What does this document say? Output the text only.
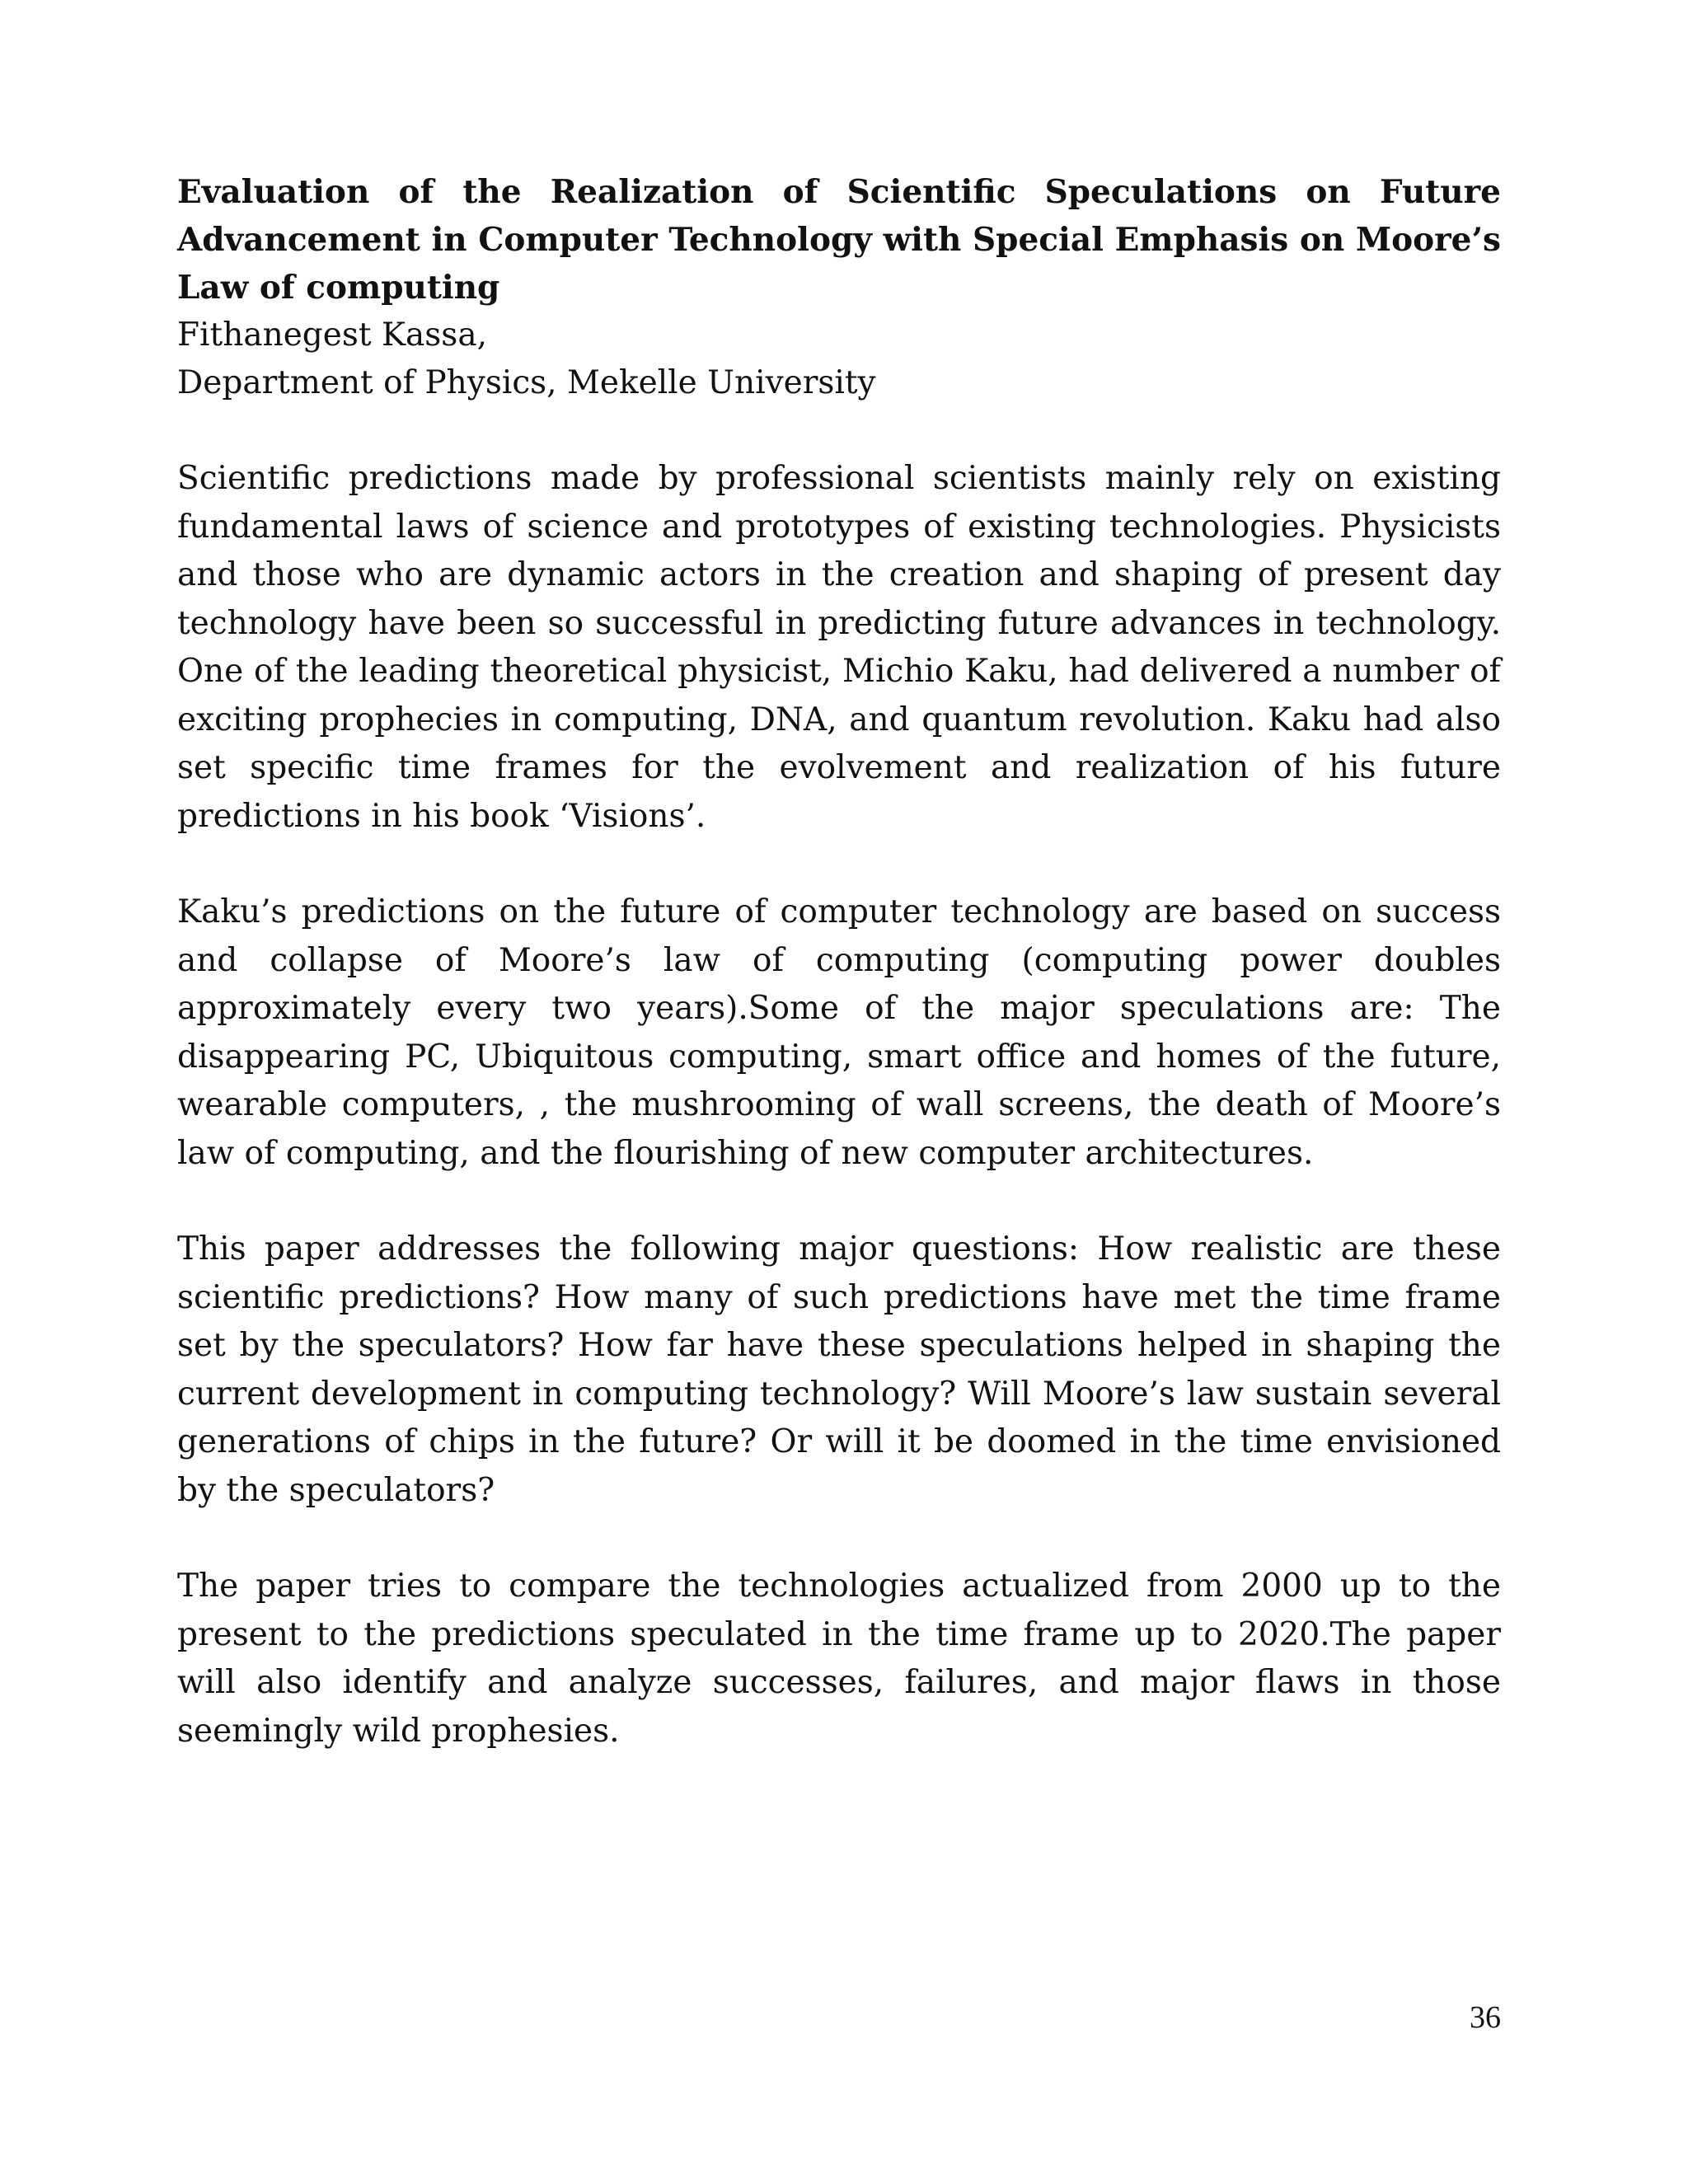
Evaluation of the Realization of Scientific Speculations on Future Advancement in Computer Technology with Special Emphasis on Moore’s Law of computing

Fithanegest Kassa,

Department of Physics, Mekelle University

Scientific predictions made by professional scientists mainly rely on existing fundamental laws of science and prototypes of existing technologies. Physicists and those who are dynamic actors in the creation and shaping of present day technology have been so successful in predicting future advances in technology. One of the leading theoretical physicist, Michio Kaku, had delivered a number of exciting prophecies in computing, DNA, and quantum revolution. Kaku had also set specific time frames for the evolvement and realization of his future predictions in his book ‘Visions’.

Kaku’s predictions on the future of computer technology are based on success and collapse of Moore’s law of computing (computing power doubles approximately every two years).Some of the major speculations are: The disappearing PC, Ubiquitous computing, smart office and homes of the future, wearable computers, , the mushrooming of wall screens, the death of Moore’s law of computing, and the flourishing of new computer architectures.

This paper addresses the following major questions: How realistic are these scientific predictions? How many of such predictions have met the time frame set by the speculators? How far have these speculations helped in shaping the current development in computing technology? Will Moore’s law sustain several generations of chips in the future? Or will it be doomed in the time envisioned by the speculators?

The paper tries to compare the technologies actualized from 2000 up to the present to the predictions speculated in the time frame up to 2020.The paper will also identify and analyze successes, failures, and major flaws in those seemingly wild prophesies.

36
